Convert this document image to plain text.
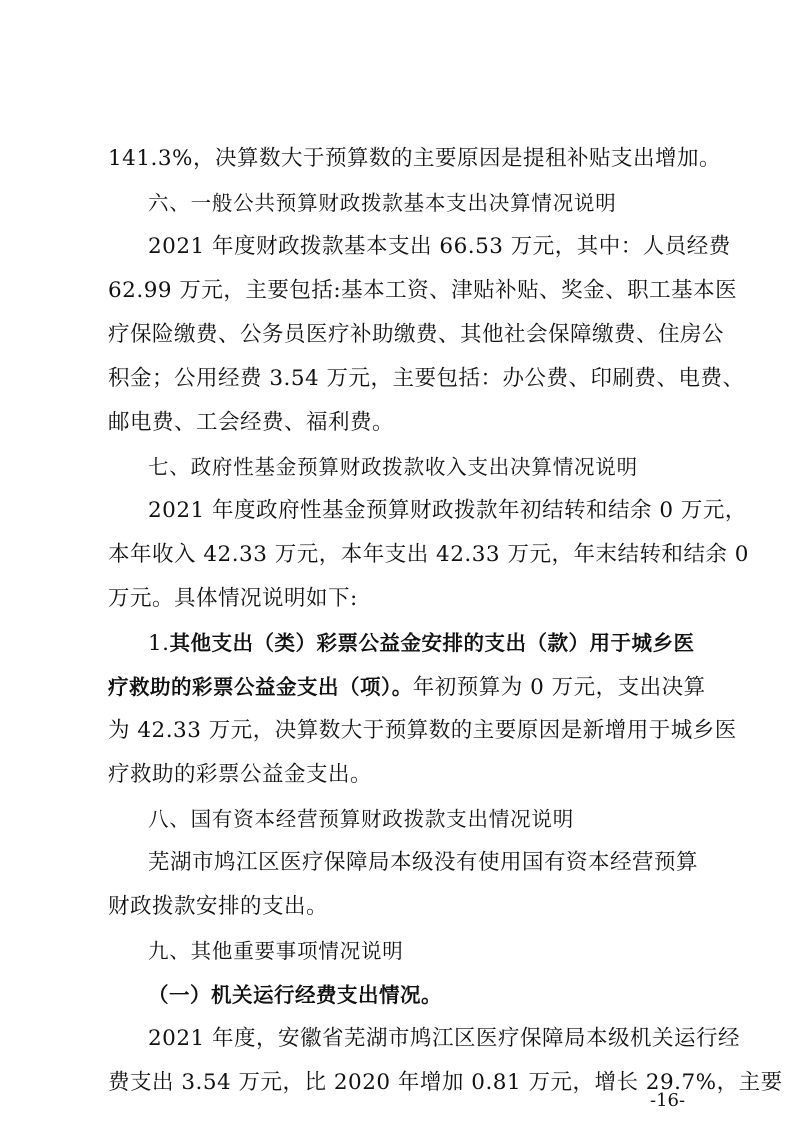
141.3%，决算数大于预算数的主要原因是提租补贴支出增加。
六、一般公共预算财政拨款基本支出决算情况说明
2021 年度财政拨款基本支出 66.53 万元，其中：人员经费
62.99 万元，主要包括:基本工资、津贴补贴、奖金、职工基本医
疗保险缴费、公务员医疗补助缴费、其他社会保障缴费、住房公
积金；公用经费 3.54 万元，主要包括：办公费、印刷费、电费、
邮电费、工会经费、福利费。
七、政府性基金预算财政拨款收入支出决算情况说明
2021 年度政府性基金预算财政拨款年初结转和结余 0 万元，
本年收入 42.33 万元，本年支出 42.33 万元，年末结转和结余 0
万元。具体情况说明如下:
1.其他支出（类）彩票公益金安排的支出（款）用于城乡医
疗救助的彩票公益金支出（项）。年初预算为 0 万元，支出决算
为 42.33 万元，决算数大于预算数的主要原因是新增用于城乡医
疗救助的彩票公益金支出。
八、国有资本经营预算财政拨款支出情况说明
芜湖市鸠江区医疗保障局本级没有使用国有资本经营预算
财政拨款安排的支出。
九、其他重要事项情况说明
（一）机关运行经费支出情况。
2021 年度，安徽省芜湖市鸠江区医疗保障局本级机关运行经
费支出 3.54 万元，比 2020 年增加 0.81 万元，增长 29.7%，主要
-16-
